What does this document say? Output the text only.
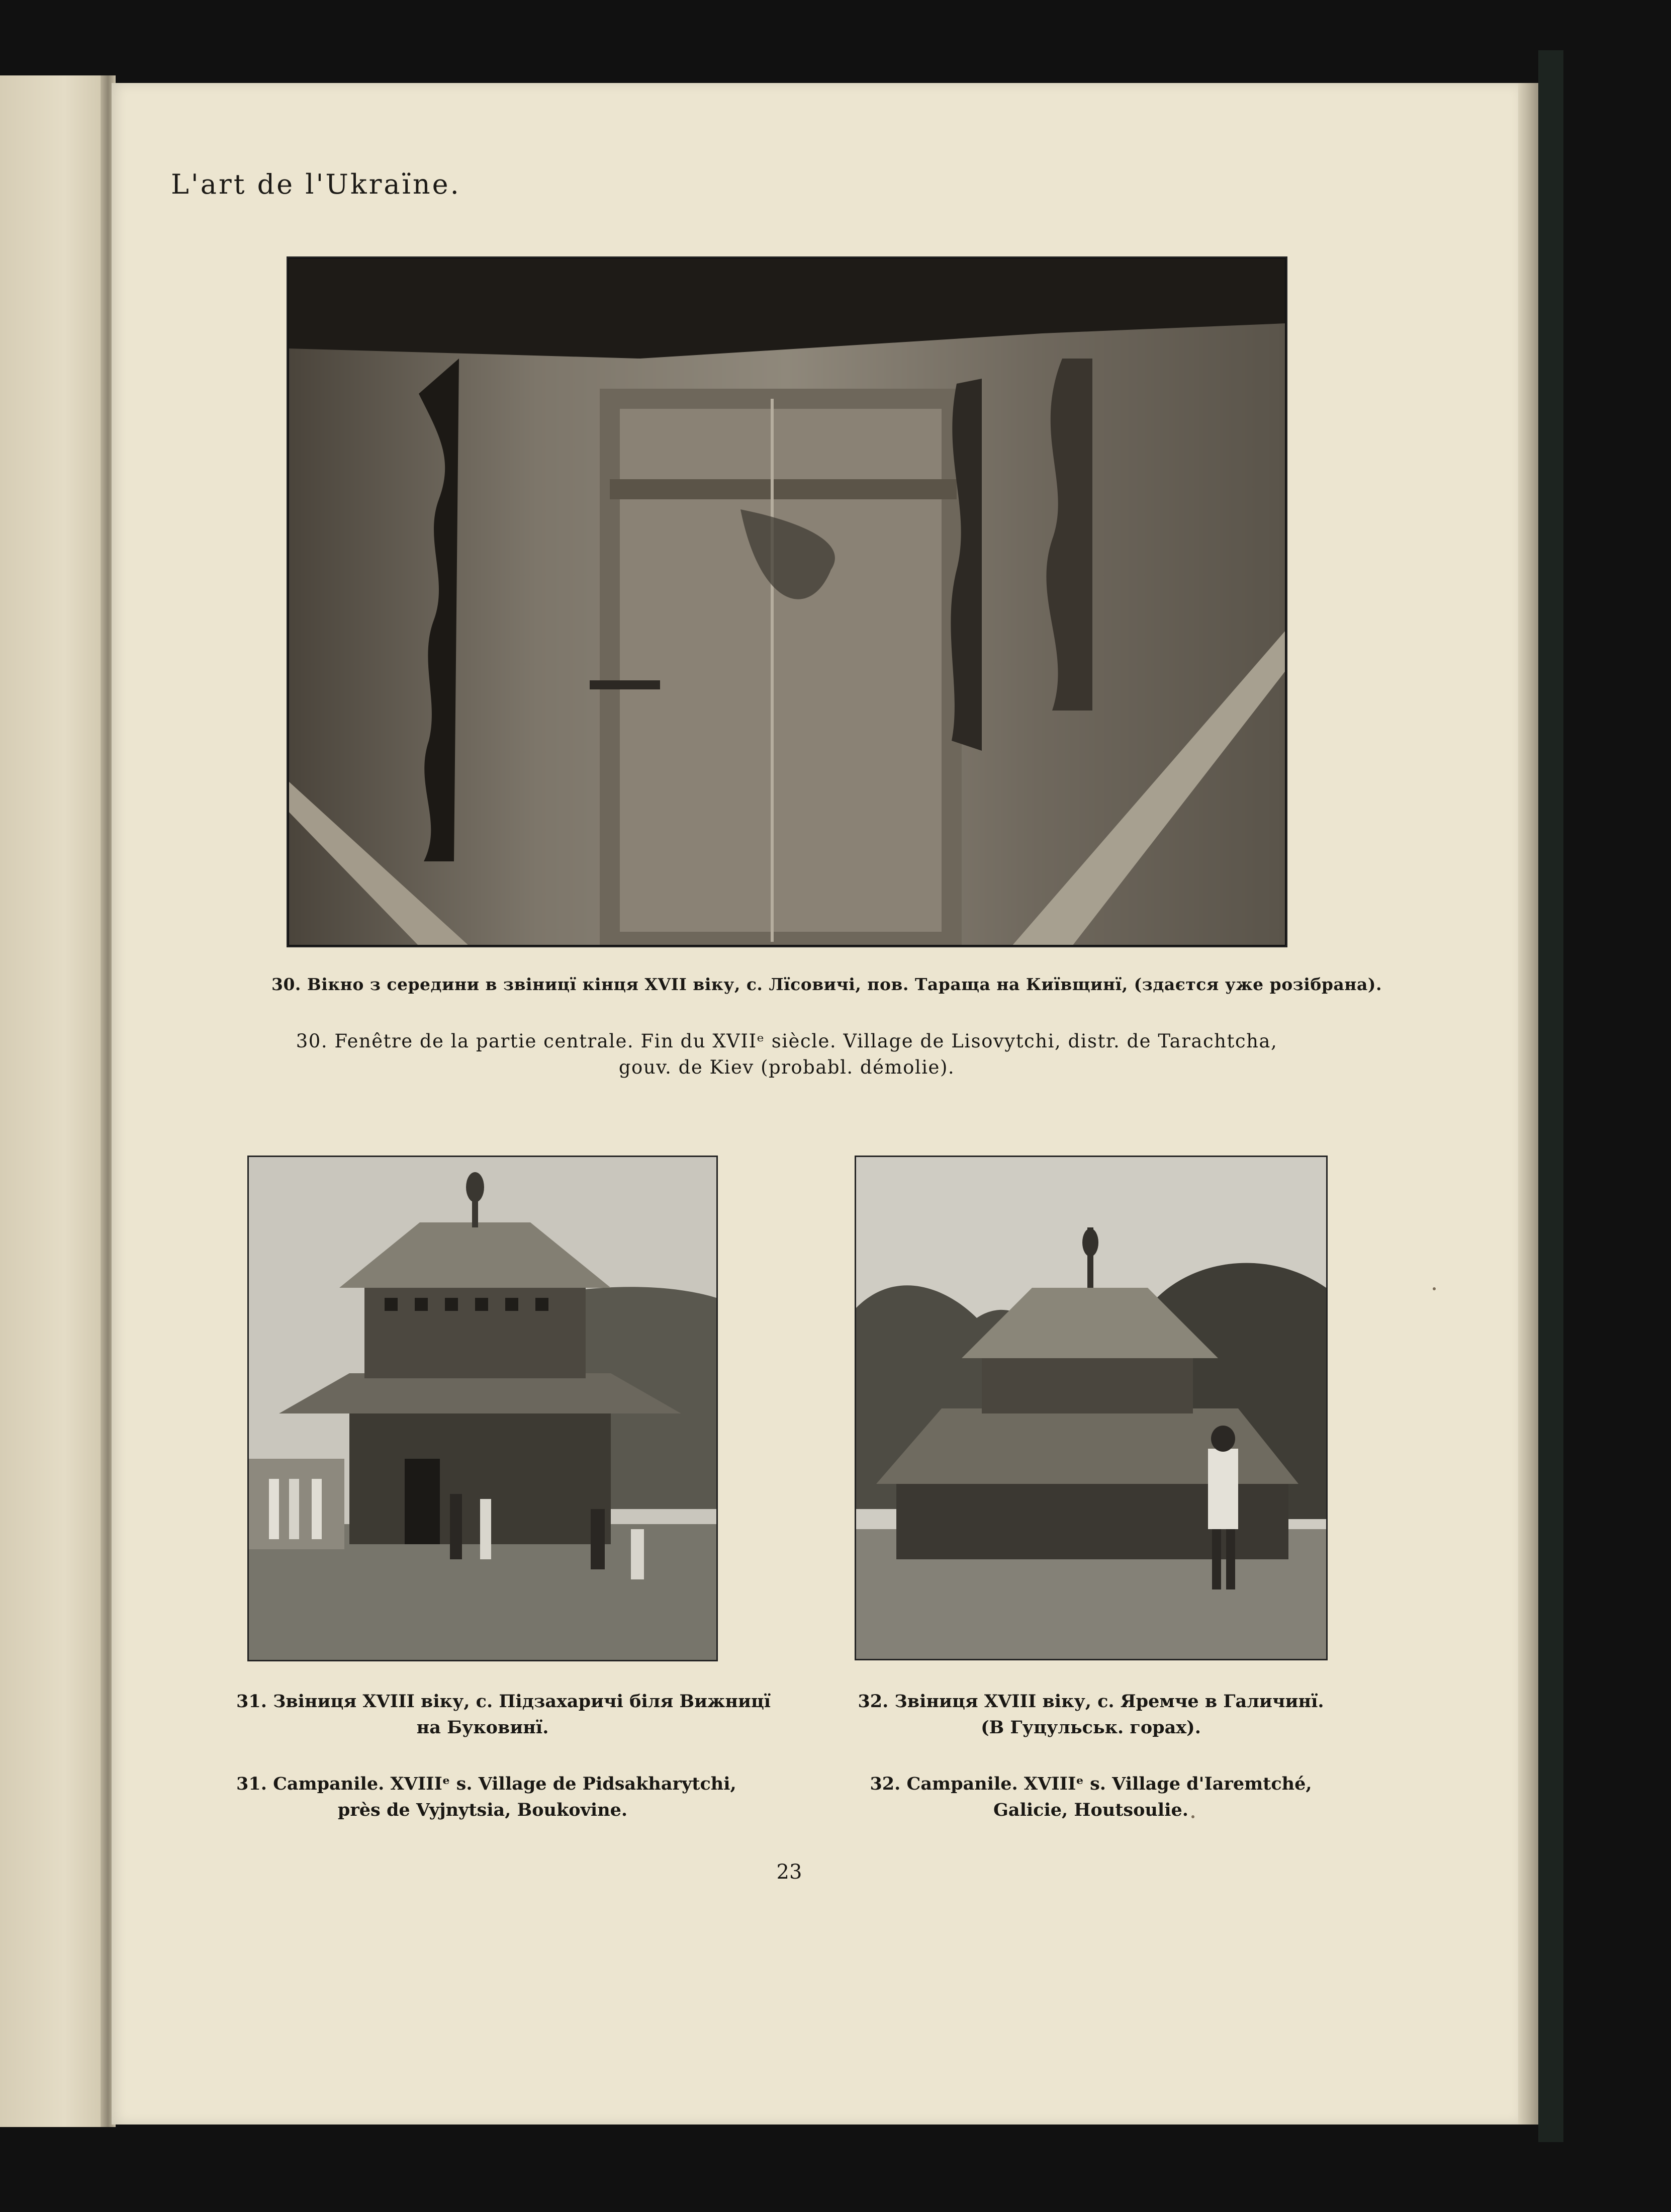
L'art de l'Ukraïne.
30. Вікно з середини в звіницї кінця XVII віку, с. Лїсовичі, пов. Тараща на Київщинї, (здаєтся уже розібрана).
30. Fenêtre de la partie centrale. Fin du XVIIᵉ siècle. Village de Lisovytchi, distr. de Tarachtcha,
gouv. de Kiev (probabl. démolie).
31. Звіниця XVIII віку, с. Підзахаричі біля Вижницї
на Буковинї.
31. Campanile. XVIIIᵉ s. Village de Pidsakharytchi,
près de Vyjnytsia, Boukovine.
32. Звіниця XVIII віку, с. Яремче в Галичинї.
(В Гуцульськ. горах).
32. Campanile. XVIIIᵉ s. Village d'Iaremtché,
Galicie, Houtsoulie.
23
